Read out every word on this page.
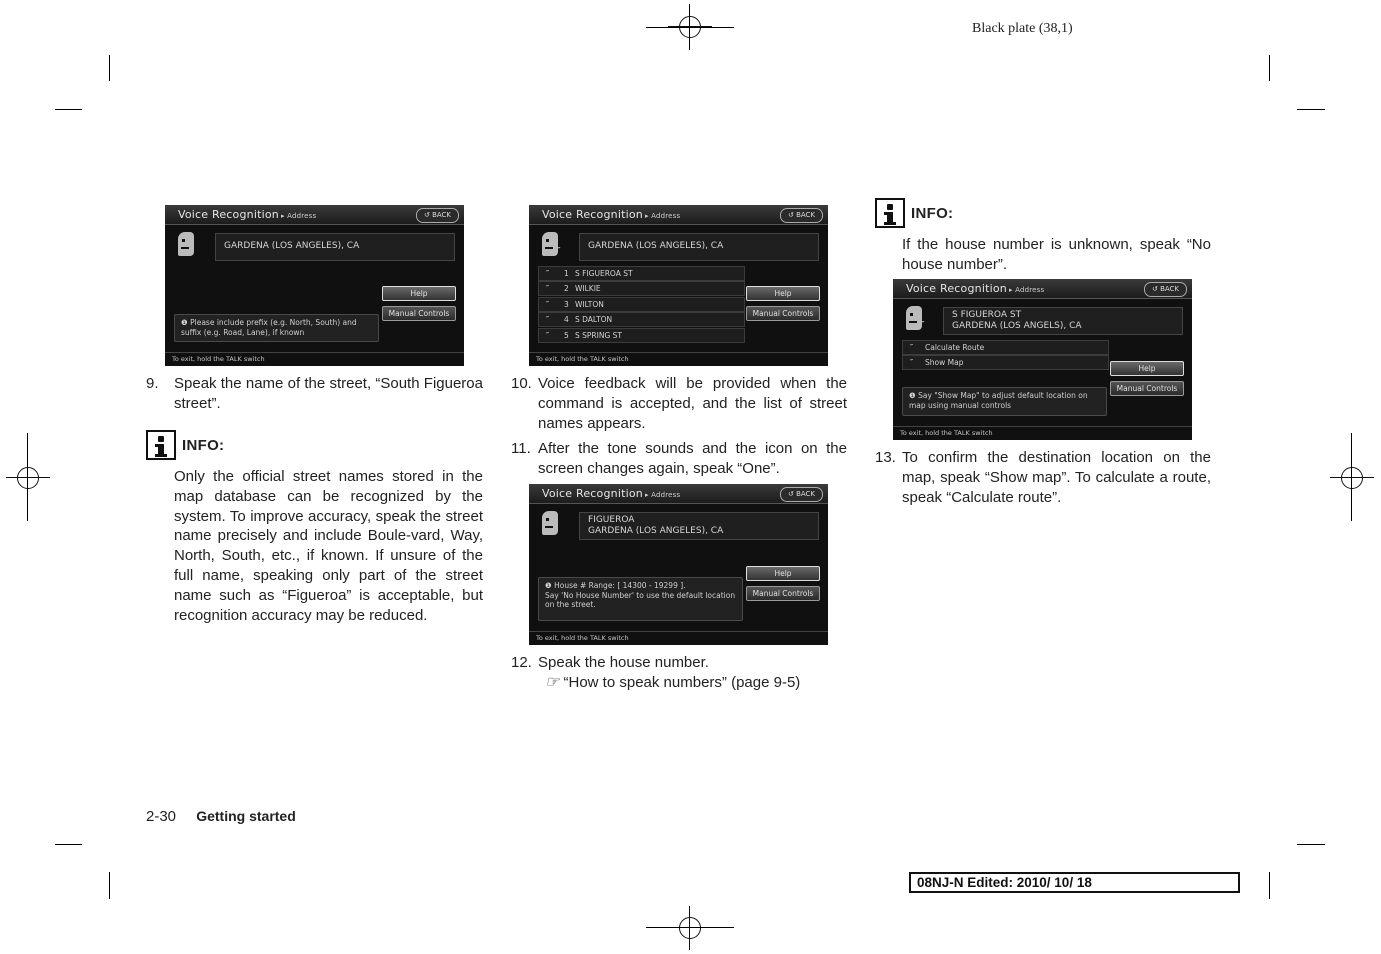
Black plate (38,1)
Voice Recognition ▸ Address	↺ BACK
GARDENA (LOS ANGELES), CA
Help
Manual Controls
❶ Please include prefix (e.g. North, South) and suffix (e.g. Road, Lane), if known
To exit, hold the TALK switch
9. Speak the name of the street, “South Figueroa street”.
INFO:
Only the official street names stored in the map database can be recognized by the system. To improve accuracy, speak the street name precisely and include Boule-vard, Way, North, South, etc., if known. If unsure of the full name, speaking only part of the street name such as “Figueroa” is acceptable, but recognition accuracy may be reduced.
Voice Recognition ▸ Address	↺ BACK
″	GARDENA (LOS ANGELES), CA
″ 1 S FIGUEROA ST
″ 2 WILKIE
″ 3 WILTON
″ 4 S DALTON
″ 5 S SPRING ST
Help
Manual Controls
To exit, hold the TALK switch
10. Voice feedback will be provided when the command is accepted, and the list of street names appears.
11. After the tone sounds and the icon on the screen changes again, speak “One”.
Voice Recognition ▸ Address	↺ BACK
FIGUEROA
GARDENA (LOS ANGELES), CA
Help
Manual Controls
❶ House # Range: [ 14300 - 19299 ].
Say 'No House Number' to use the default location on the street.
To exit, hold the TALK switch
12. Speak the house number.
☞ “How to speak numbers” (page 9-5)
INFO:
If the house number is unknown, speak “No house number”.
Voice Recognition ▸ Address	↺ BACK
″
S FIGUEROA ST
GARDENA (LOS ANGELS), CA
″ Calculate Route
″ Show Map
Help
Manual Controls
❶ Say "Show Map" to adjust default location on map using manual controls
To exit, hold the TALK switch
13. To confirm the destination location on the map, speak “Show map”. To calculate a route, speak “Calculate route”.
2-30 Getting started
08NJ-N Edited: 2010/ 10/ 18
